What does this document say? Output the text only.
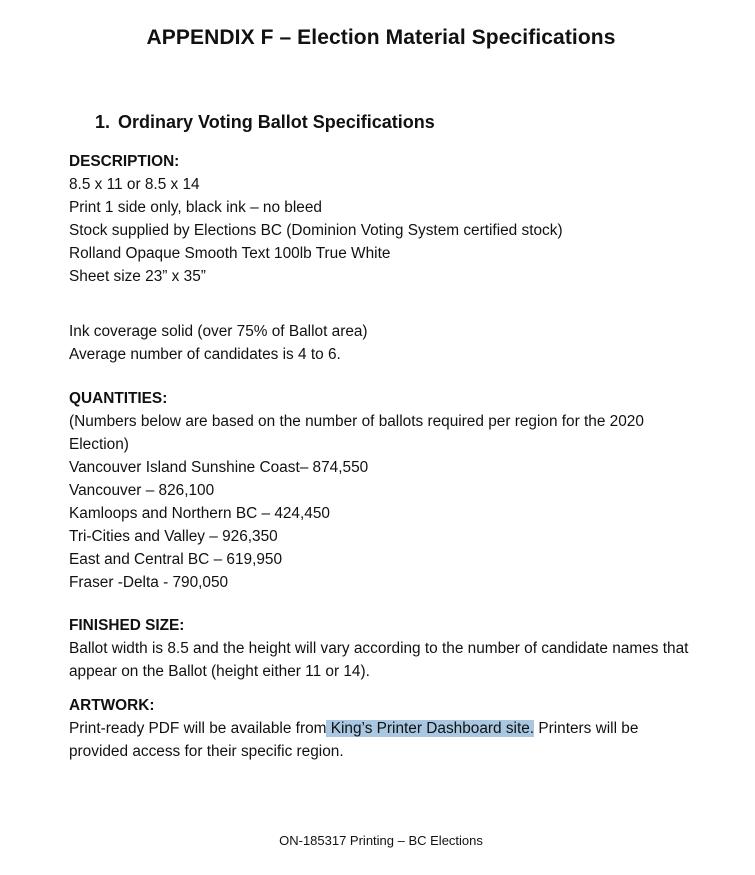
APPENDIX F – Election Material Specifications
1. Ordinary Voting Ballot Specifications
DESCRIPTION:
8.5 x 11 or 8.5 x 14
Print 1 side only, black ink – no bleed
Stock supplied by Elections BC (Dominion Voting System certified stock)
Rolland Opaque Smooth Text 100lb True White
Sheet size 23” x 35”
Ink coverage solid (over 75% of Ballot area)
Average number of candidates is 4 to 6.
QUANTITIES:
(Numbers below are based on the number of ballots required per region for the 2020 Election)
Vancouver Island Sunshine Coast– 874,550
Vancouver – 826,100
Kamloops and Northern BC – 424,450
Tri-Cities and Valley – 926,350
East and Central BC – 619,950
Fraser -Delta - 790,050
FINISHED SIZE:
Ballot width is 8.5 and the height will vary according to the number of candidate names that appear on the Ballot (height either 11 or 14).
ARTWORK:
Print-ready PDF will be available from King’s Printer Dashboard site. Printers will be provided access for their specific region.
ON-185317 Printing – BC Elections
